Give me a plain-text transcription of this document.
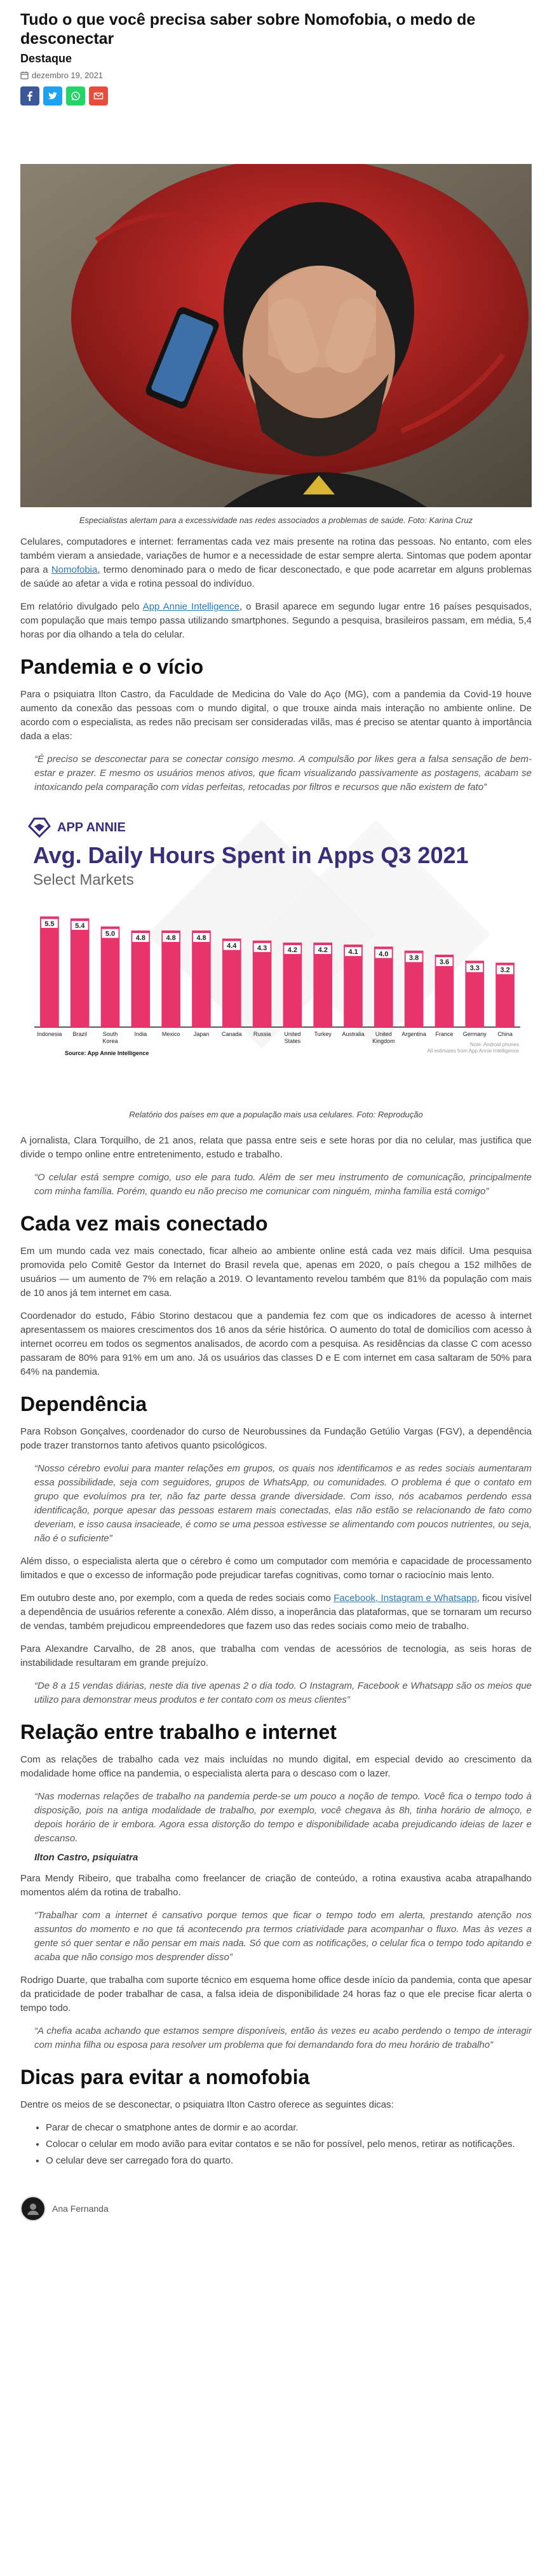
Tudo o que você precisa saber sobre Nomofobia, o medo de desconectar
Destaque
dezembro 19, 2021
Especialistas alertam para a excessividade nas redes associados a problemas de saúde. Foto: Karina Cruz

Celulares, computadores e internet: ferramentas cada vez mais presente na rotina das pessoas. No entanto, com eles também vieram a ansiedade, variações de humor e a necessidade de estar sempre alerta. Sintomas que podem apontar para a Nomofobia, termo denominado para o medo de ficar desconectado, e que pode acarretar em alguns problemas de saúde ao afetar a vida e rotina pessoal do indivíduo.

Em relatório divulgado pelo App Annie Intelligence, o Brasil aparece em segundo lugar entre 16 países pesquisados, com população que mais tempo passa utilizando smartphones. Segundo a pesquisa, brasileiros passam, em média, 5,4 horas por dia olhando a tela do celular.

Pandemia e o vício

Para o psiquiatra Ilton Castro, da Faculdade de Medicina do Vale do Aço (MG), com a pandemia da Covid-19 houve aumento da conexão das pessoas com o mundo digital, o que trouxe ainda mais interação no ambiente online. De acordo com o especialista, as redes não precisam ser consideradas vilãs, mas é preciso se atentar quanto à importância dada a elas:

“É preciso se desconectar para se conectar consigo mesmo. A compulsão por likes gera a falsa sensação de bem-estar e prazer. E mesmo os usuários menos ativos, que ficam visualizando passivamente as postagens, acabam se intoxicando pela comparação com vidas perfeitas, retocadas por filtros e recursos que não existem de fato”
APP ANNIE
Avg. Daily Hours Spent in Apps Q3 2021
Select Markets
5.5
Indonesia
5.4
Brazil
5.0
South
Korea
4.8
India
4.8
Mexico
4.8
Japan
4.4
Canada
4.3
Russia
4.2
United
States
4.2
Turkey
4.1
Australia
4.0
United
Kingdom
3.8
Argentina
3.6
France
3.3
Germany
3.2
China
Source: App Annie Intelligence
Note: Android phones
All estimates from App Annie Intelligence
Relatório dos países em que a população mais usa celulares. Foto: Reprodução

A jornalista, Clara Torquilho, de 21 anos, relata que passa entre seis e sete horas por dia no celular, mas justifica que divide o tempo online entre entretenimento, estudo e trabalho.

“O celular está sempre comigo, uso ele para tudo. Além de ser meu instrumento de comunicação, principalmente com minha família. Porém, quando eu não preciso me comunicar com ninguém, minha família está comigo”
Cada vez mais conectado

Em um mundo cada vez mais conectado, ficar alheio ao ambiente online está cada vez mais difícil. Uma pesquisa promovida pelo Comitê Gestor da Internet do Brasil revela que, apenas em 2020, o país chegou a 152 milhões de usuários — um aumento de 7% em relação a 2019. O levantamento revelou também que 81% da população com mais de 10 anos já tem internet em casa.

Coordenador do estudo, Fábio Storino destacou que a pandemia fez com que os indicadores de acesso à internet apresentassem os maiores crescimentos dos 16 anos da série histórica. O aumento do total de domicílios com acesso à internet ocorreu em todos os segmentos analisados, de acordo com a pesquisa. As residências da classe C com acesso passaram de 80% para 91% em um ano. Já os usuários das classes D e E com internet em casa saltaram de 50% para 64% na pandemia.

Dependência

Para Robson Gonçalves, coordenador do curso de Neurobussines da Fundação Getúlio Vargas (FGV), a dependência pode trazer transtornos tanto afetivos quanto psicológicos.

“Nosso cérebro evolui para manter relações em grupos, os quais nos identificamos e as redes sociais aumentaram essa possibilidade, seja com seguidores, grupos de WhatsApp, ou comunidades. O problema é que o contato em grupo que evoluímos pra ter, não faz parte dessa grande diversidade. Com isso, nós acabamos perdendo essa identificação, porque apesar das pessoas estarem mais conectadas, elas não estão se relacionando de fato como deveriam, e isso causa insacieade, é como se uma pessoa estivesse se alimentando com poucos nutrientes, ou seja, não é o suficiente”

Além disso, o especialista alerta que o cérebro é como um computador com memória e capacidade de processamento limitados e que o excesso de informação pode prejudicar tarefas cognitivas, como tornar o raciocínio mais lento.

Em outubro deste ano, por exemplo, com a queda de redes sociais como Facebook, Instagram e Whatsapp, ficou visível a dependência de usuários referente a conexão. Além disso, a inoperância das plataformas, que se tornaram um recurso de vendas, também prejudicou empreendedores que fazem uso das redes sociais como meio de trabalho.

Para Alexandre Carvalho, de 28 anos, que trabalha com vendas de acessórios de tecnologia, as seis horas de instabilidade resultaram em grande prejuízo.

“De 8 a 15 vendas diárias, neste dia tive apenas 2 o dia todo. O Instagram, Facebook e Whatsapp são os meios que utilizo para demonstrar meus produtos e ter contato com os meus clientes”
Relação entre trabalho e internet

Com as relações de trabalho cada vez mais incluídas no mundo digital, em especial devido ao crescimento da modalidade home office na pandemia, o especialista alerta para o descaso com o lazer.

“Nas modernas relações de trabalho na pandemia perde-se um pouco a noção de tempo. Você fica o tempo todo à disposição, pois na antiga modalidade de trabalho, por exemplo, você chegava às 8h, tinha horário de almoço, e depois horário de ir embora. Agora essa distorção do tempo e disponibilidade acaba prejudicando ideias de lazer e descanso.
Ilton Castro, psiquiatra

Para Mendy Ribeiro, que trabalha como freelancer de criação de conteúdo, a rotina exaustiva acaba atrapalhando momentos além da rotina de trabalho.

“Trabalhar com a internet é cansativo porque temos que ficar o tempo todo em alerta, prestando atenção nos assuntos do momento e no que tá acontecendo pra termos criatividade para acompanhar o fluxo. Mas às vezes a gente só quer sentar e não pensar em mais nada. Só que com as notificações, o celular fica o tempo todo apitando e acaba que não consigo mos desprender disso”

Rodrigo Duarte, que trabalha com suporte técnico em esquema home office desde início da pandemia, conta que apesar da praticidade de poder trabalhar de casa, a falsa ideia de disponibilidade 24 horas faz o que ele precise ficar alerta o tempo todo.

“A chefia acaba achando que estamos sempre disponíveis, então às vezes eu acabo perdendo o tempo de interagir com minha filha ou esposa para resolver um problema que foi demandando fora do meu horário de trabalho”
Dicas para evitar a nomofobia

Dentre os meios de se desconectar, o psiquiatra Ilton Castro oferece as seguintes dicas:

• Parar de checar o smatphone antes de dormir e ao acordar.
• Colocar o celular em modo avião para evitar contatos e se não for possível, pelo menos, retirar as notificações.
• O celular deve ser carregado fora do quarto.
Ana Fernanda
